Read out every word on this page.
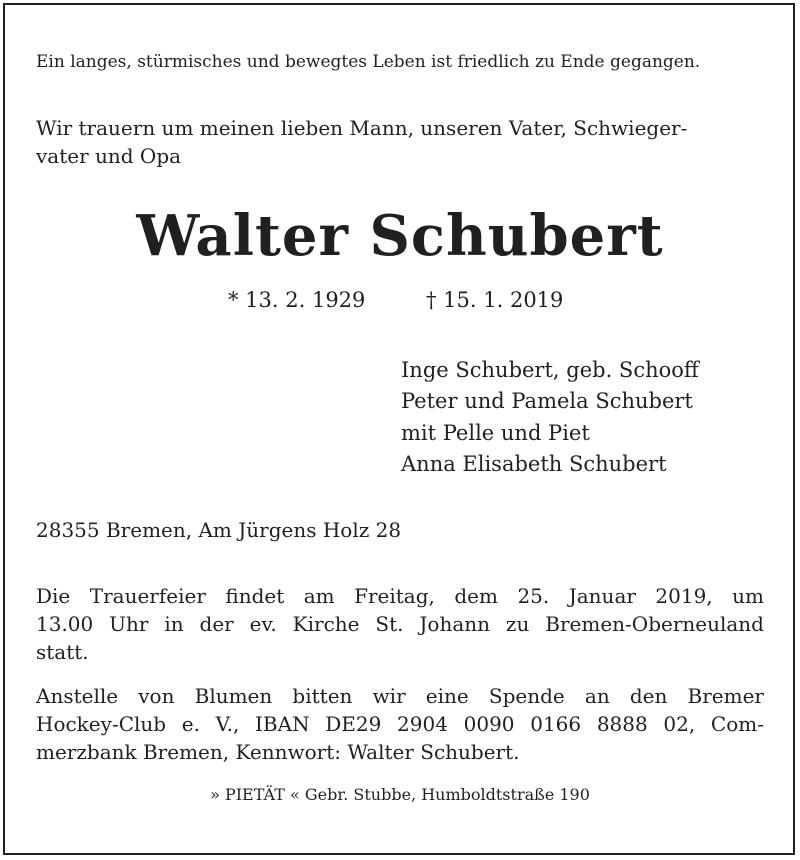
Ein langes, stürmisches und bewegtes Leben ist friedlich zu Ende gegangen.

Wir trauern um meinen lieben Mann, unseren Vater, Schwieger-

vater und Opa

Walter Schubert

* 13. 2. 1929	† 15. 1. 2019

Inge Schubert, geb. Schooff

Peter und Pamela Schubert

mit Pelle und Piet

Anna Elisabeth Schubert

28355 Bremen, Am Jürgens Holz 28

Die Trauerfeier findet am Freitag, dem 25. Januar 2019, um

13.00 Uhr in der ev. Kirche St. Johann zu Bremen-Oberneuland

statt.

Anstelle von Blumen bitten wir eine Spende an den Bremer

Hockey-Club e. V., IBAN DE29 2904 0090 0166 8888 02, Com-

merzbank Bremen, Kennwort: Walter Schubert.

» PIETÄT « Gebr. Stubbe, Humboldtstraße 190
